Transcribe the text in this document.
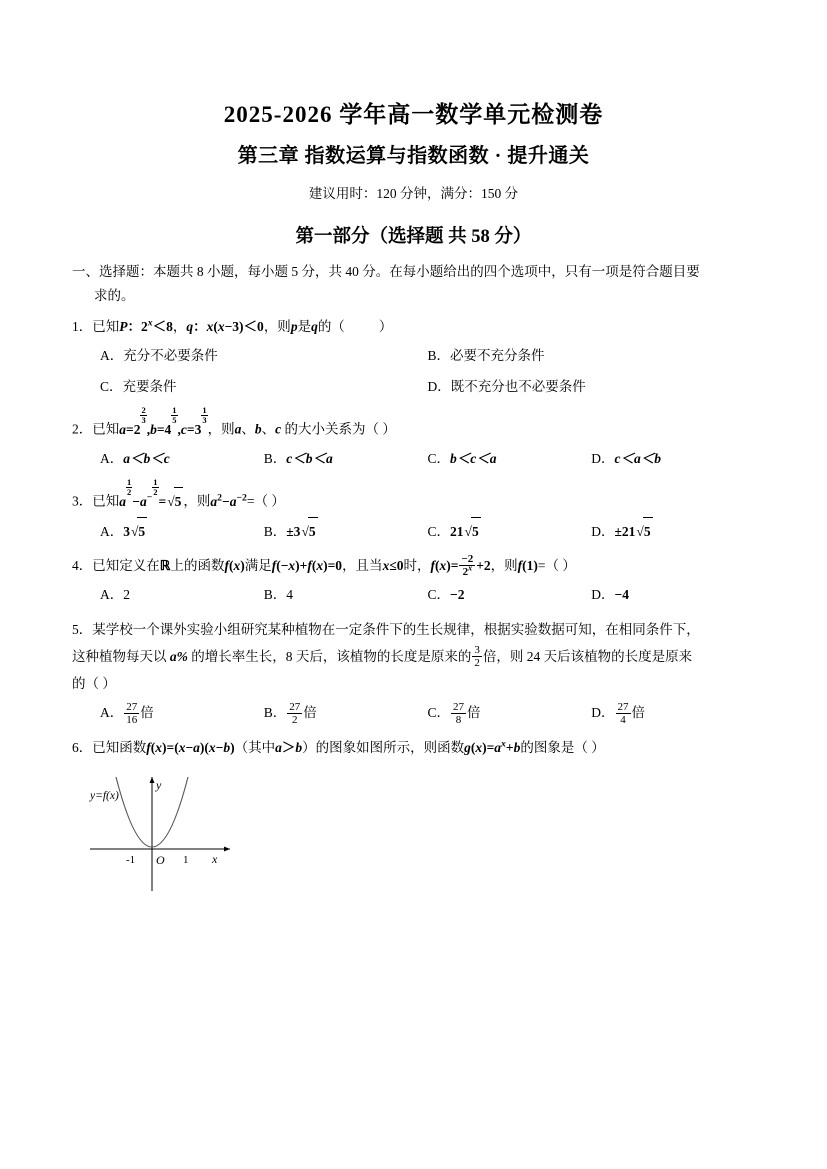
2025-2026 学年高一数学单元检测卷
第三章 指数运算与指数函数 · 提升通关
建议用时：120 分钟，满分：150 分
第一部分（选择题 共 58 分）
一、选择题：本题共 8 小题，每小题 5 分，共 40 分。在每小题给出的四个选项中，只有一项是符合题目要
求的。
1．已知P：$2^x<8$，q：x(x−3)＜0，则p是q的（	）
A．充分不必要条件	B．必要不充分条件
C．充要条件	D．既不充分也不必要条件
2．已知a=2
$^{\frac{2}{3}}$
,b=4
$^{\frac{1}{5}}$
,c=3
$^{\frac{1}{3}}$
，则a、b、c 的大小关系为（ ）
A．a＜b＜c	B．c＜b＜a	C．b＜c＜a	D．c＜a＜b
3．已知a
$^{\frac{1}{2}}$
$-a^{- \frac{1}{2}}$
=√5 ，则$a^2-a^{-2}=$（ ）
A．3√5	B．±3√5	C．21√5	D．±21√5
4．已知定义在ℝ上的函数f(x)满足f(−x)+f(x)=0，且当x≤0时，$f(x)= \frac{-2}{2^x} +2$，则f(1)=（ ）
A．2	B．4	C．−2	D．−4
5．某学校一个课外实验小组研究某种植物在一定条件下的生长规律，根据实验数据可知，在相同条件下，
这种植物每天以 a% 的增长率生长，8 天后，该植物的长度是原来的 $\frac{3}{2}$ 倍，则 24 天后该植物的长度是原来
的（ ）
A． $\frac{27}{16}$ 倍	B． $\frac{27}{2}$ 倍	C． $\frac{27}{8}$ 倍	D． $\frac{27}{4}$ 倍
6．已知函数f(x)=(x−a)(x−b)（其中a＞b）的图象如图所示，则函数$g(x)=a^x+b$的图象是（ ）
-1 O 1 x
y
y=f(x)
